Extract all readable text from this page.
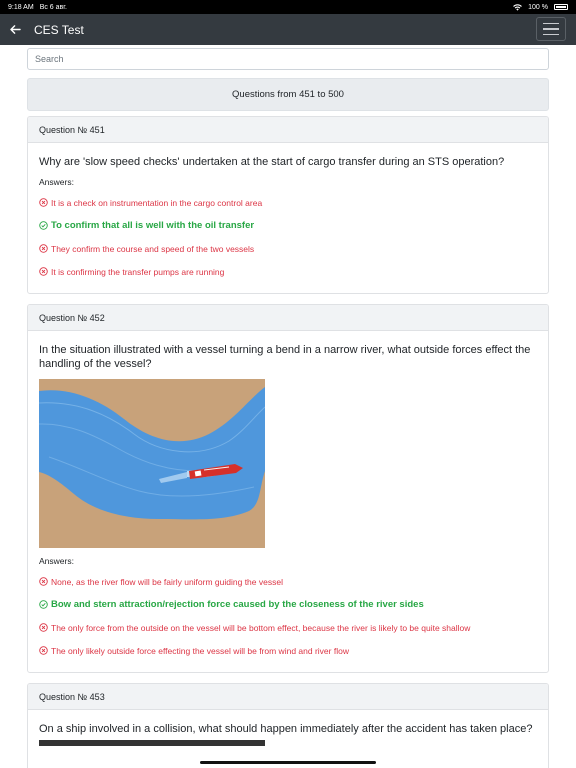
9:18 AM Вс 6 авг.	100 %
CES Test
Search
Questions from 451 to 500
Question № 451
Why are 'slow speed checks' undertaken at the start of cargo transfer during an STS operation?
Answers:
It is a check on instrumentation in the cargo control area
To confirm that all is well with the oil transfer
They confirm the course and speed of the two vessels
It is confirming the transfer pumps are running
Question № 452
In the situation illustrated with a vessel turning a bend in a narrow river, what outside forces effect the handling of the vessel?
Answers:
None, as the river flow will be fairly uniform guiding the vessel
Bow and stern attraction/rejection force caused by the closeness of the river sides
The only force from the outside on the vessel will be bottom effect, because the river is likely to be quite shallow
The only likely outside force effecting the vessel will be from wind and river flow
Question № 453
On a ship involved in a collision, what should happen immediately after the accident has taken place?
